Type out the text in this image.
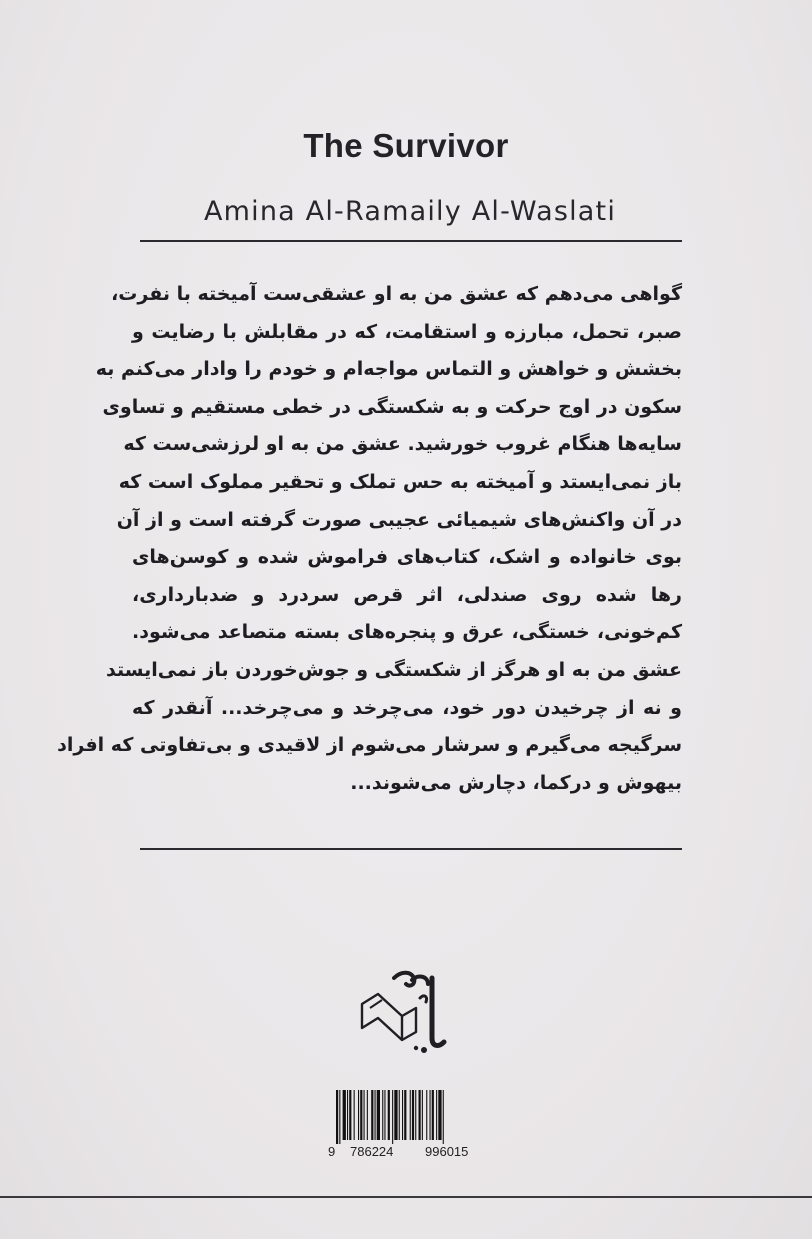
The Survivor
Amina Al-Ramaily Al-Waslati
گواهی می‌دهم که عشق من به او عشقی‌ست آمیخته با نفرت،
صبر، تحمل، مبارزه و استقامت، که در مقابلش با رضایت و
بخشش و خواهش و التماس مواجه‌ام و خودم را وادار می‌کنم به
سکون در اوج حرکت و به شکستگی در خطی مستقیم و تساوی
سایه‌ها هنگام غروب خورشید. عشق من به او لرزشی‌ست که
باز نمی‌ایستد و آمیخته به حس تملک و تحقیر مملوک است که
در آن واکنش‌های شیمیائی عجیبی صورت گرفته است و از آن
بوی خانواده و اشک، کتاب‌های فراموش شده و کوسن‌های
رها شده روی صندلی، اثر قرص سردرد و ضدبارداری،
کم‌خونی، خستگی، عرق و پنجره‌های بسته متصاعد می‌شود.
عشق من به او هرگز از شکستگی و جوش‌خوردن باز نمی‌ایستد
و نه از چرخیدن دور خود، می‌چرخد و می‌چرخد... آنقدر که
سرگیجه می‌گیرم و سرشار می‌شوم از لاقیدی و بی‌تفاوتی که افراد
بیهوش و درکما، دچارش می‌شوند...
9 786224 996015
